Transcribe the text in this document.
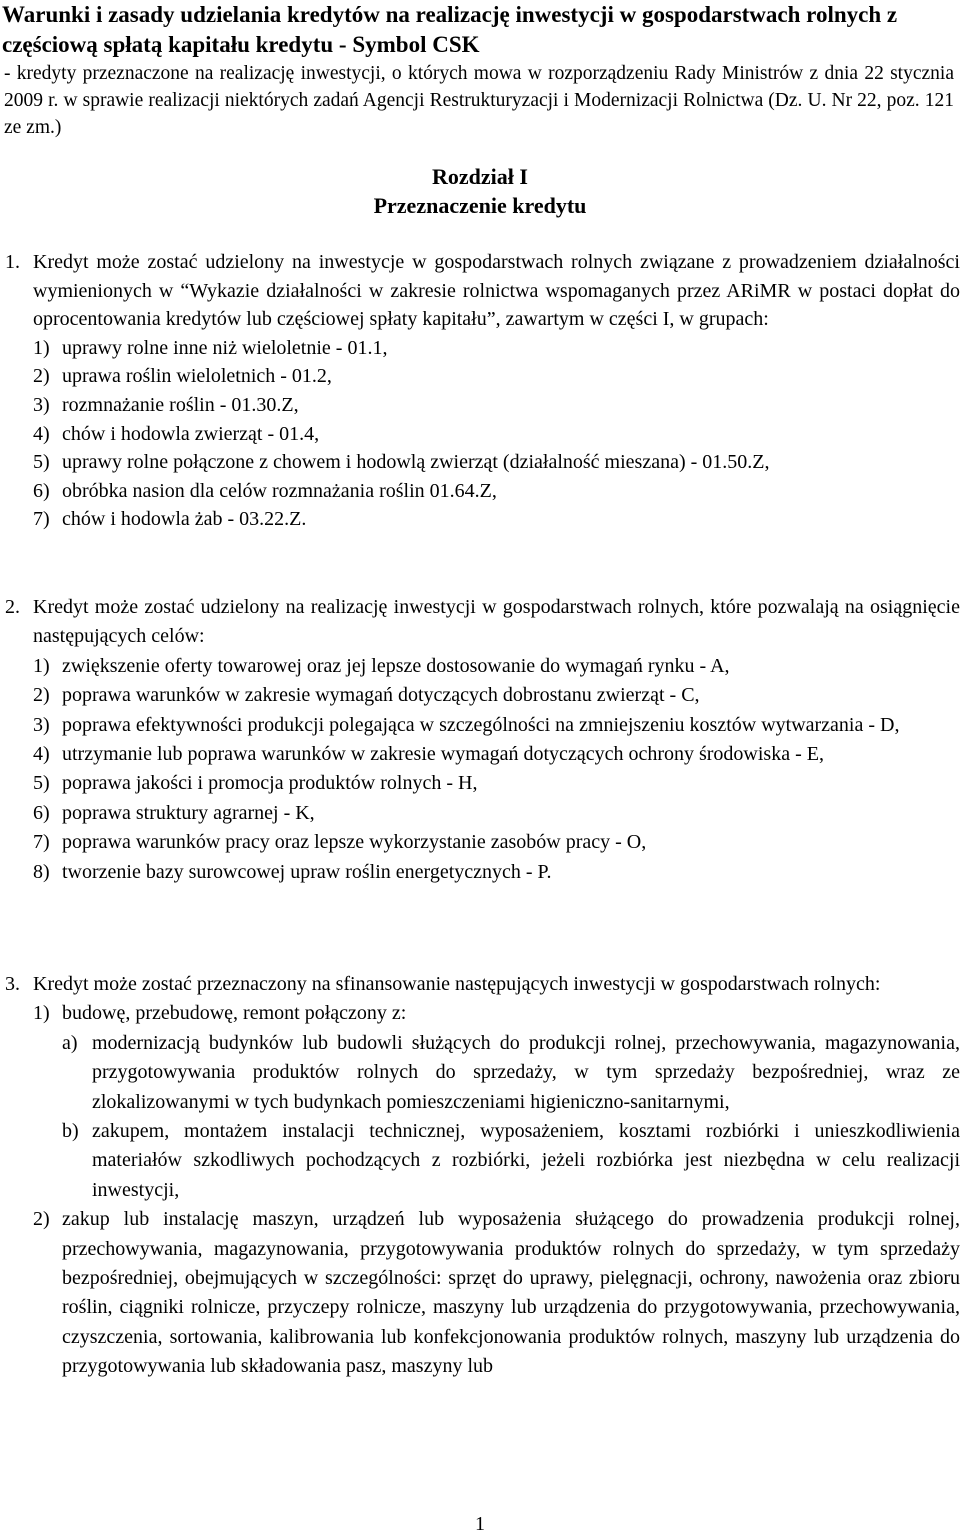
Warunki i zasady udzielania kredytów na realizację inwestycji w gospodarstwach rolnych z częściową spłatą kapitału kredytu - Symbol CSK
- kredyty przeznaczone na realizację inwestycji, o których mowa w rozporządzeniu Rady Ministrów z dnia 22 stycznia 2009 r. w sprawie realizacji niektórych zadań Agencji Restrukturyzacji i Modernizacji Rolnictwa (Dz. U. Nr 22, poz. 121 ze zm.)
Rozdział I
Przeznaczenie kredytu

1. Kredyt może zostać udzielony na inwestycje w gospodarstwach rolnych związane z prowadzeniem działalności wymienionych w “Wykazie działalności w zakresie rolnictwa wspomaganych przez ARiMR w postaci dopłat do oprocentowania kredytów lub częściowej spłaty kapitału”, zawartym w części I, w grupach:

1) uprawy rolne inne niż wieloletnie - 01.1,

2) uprawa roślin wieloletnich - 01.2,

3) rozmnażanie roślin - 01.30.Z,

4) chów i hodowla zwierząt - 01.4,

5) uprawy rolne połączone z chowem i hodowlą zwierząt (działalność mieszana) - 01.50.Z,

6) obróbka nasion dla celów rozmnażania roślin 01.64.Z,

7) chów i hodowla żab - 03.22.Z.

2. Kredyt może zostać udzielony na realizację inwestycji w gospodarstwach rolnych, które pozwalają na osiągnięcie następujących celów:

1) zwiększenie oferty towarowej oraz jej lepsze dostosowanie do wymagań rynku - A,

2) poprawa warunków w zakresie wymagań dotyczących dobrostanu zwierząt - C,

3) poprawa efektywności produkcji polegająca w szczególności na zmniejszeniu kosztów wytwarzania - D,

4) utrzymanie lub poprawa warunków w zakresie wymagań dotyczących ochrony środowiska - E,

5) poprawa jakości i promocja produktów rolnych - H,

6) poprawa struktury agrarnej - K,

7) poprawa warunków pracy oraz lepsze wykorzystanie zasobów pracy - O,

8) tworzenie bazy surowcowej upraw roślin energetycznych - P.

3. Kredyt może zostać przeznaczony na sfinansowanie następujących inwestycji w gospodarstwach rolnych:

1) budowę, przebudowę, remont połączony z:

a) modernizacją budynków lub budowli służących do produkcji rolnej, przechowywania, magazynowania, przygotowywania produktów rolnych do sprzedaży, w tym sprzedaży bezpośredniej, wraz ze zlokalizowanymi w tych budynkach pomieszczeniami higieniczno-sanitarnymi,

b) zakupem, montażem instalacji technicznej, wyposażeniem, kosztami rozbiórki i unieszkodliwienia materiałów szkodliwych pochodzących z rozbiórki, jeżeli rozbiórka jest niezbędna w celu realizacji inwestycji,

2) zakup lub instalację maszyn, urządzeń lub wyposażenia służącego do prowadzenia produkcji rolnej, przechowywania, magazynowania, przygotowywania produktów rolnych do sprzedaży, w tym sprzedaży bezpośredniej, obejmujących w szczególności: sprzęt do uprawy, pielęgnacji, ochrony, nawożenia oraz zbioru roślin, ciągniki rolnicze, przyczepy rolnicze, maszyny lub urządzenia do przygotowywania, przechowywania, czyszczenia, sortowania, kalibrowania lub konfekcjonowania produktów rolnych, maszyny lub urządzenia do przygotowywania lub składowania pasz, maszyny lub

1
